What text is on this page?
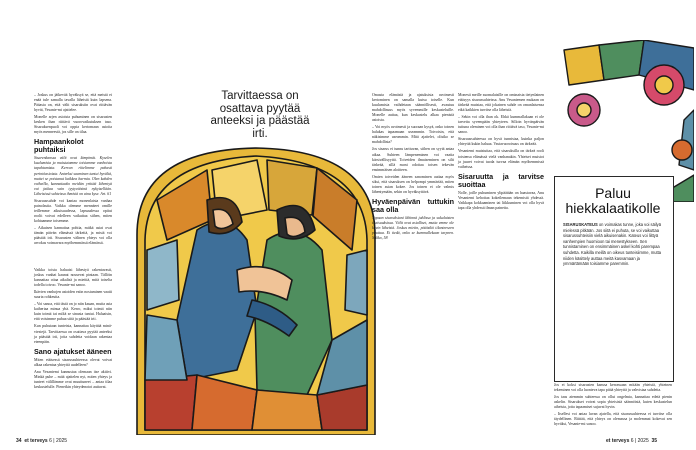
– Joskus on jätkevää hyväksyä se, että meistä ei enää tule samalla tavalla läheisiä kuin lapsena. Pääasia on, että välit sisaruksiin ovat riittävän hyvät, Vesanie-mi ajattelee.

Monelle arjen asioista puhuminen on sisarusten kesken ihan riittävä vuorovaikutuksen taso. Sisaruksenpuoli voi oppia kertomaan asioita myös menneestä, jos sille on tilaa.

Hampaankolot puhtaiksi

Sisarenkanssa välit ovat lämpimät. Kyselen kuulumisia ja muistutamme toisiamme vanhoista tapahtumista. Kerran riitelimme pahasti perintöasioista. Anteeksi saaminen tuntui hyvältä, muttei se poistanut kaikkea harmia. Olen kahden vaiheilla, kannattaako meidän yrittää lähentyä vai jatkaa vain tyytyväisinä nykyisellään. Läheisissä suhteissa ihmisiä on aina kyse. Art. 61

Sisaruussuhde voi kantaa monenlaista vanhaa painolastia. Vaikka olemme mennäeet omille teillemme aikuisuudessa, lapsuudessa opitut roolit voivat edelleen vaikuttaa siihen, miten kohtaamme toisemme.

– Aikuisen kannattaa pohtia, mitkä asiat ovat tämän päivän elämässä tärkeitä, ja mistä voi päästää irti. Sisarusten välinen yhteys voi olla arvokas voimavara myöhemmässä elämässä.

Vaikka toista haluaisi lähestyä rakentavasti, joskus vanhat kaunat nousevat pintaan. Tällöin kannattaa ottaa aikalisä ja miettiä, mitä toiselta todella toivoo. Vesanie-mi sanoo.

Ikävien vanhojen asioiden esiin nostaminen vaatii suurta rohkeutta.

– Voi sanoa, että tästä on jo niin kauan, mutta asia kaihertaa minua yhä. Kerro, miksi toimit niin kuin toimit tai miltä se sinusta tuntui. Haluaisin, että voisimme puhua siitä ja päästää irti.

Kun puhutaan tunteista, kannattaa käyttää minä-viestejä. Tarvittaessa on osattava pyytää anteeksi ja päästää irti, jotta suhdetta voidaan rakentaa eteenpäin.

Sano ajatukset ääneen

Miten etäisessä sisarussuhteessa olevat voivat alkaa rakentaa yhteyttä uudelleen?

Anu Vesaniemi kannustaa olemaan itse aktiivi. Minkä puhe – mitä ajattelen nyt, miten yhteys ja tunteet välillämme ovat muuttuneet – antaa tilaa keskustelulle. Pienetkin yhteydenotot auttavat.

Tarvittaessa on osattava pyytää anteeksi ja päästää irti.

Omasta elämästä ja ajatuksista avoimesti kertominen on samalla kutsu toiselle. Kun kuulumisia vaihdetaan säännöllisesti, avautuu mahdollisuus myös syvemmille keskusteluille. Monelle auttaa, kun keskustelu alkaa pienistä asioista.

– Voi myös avoimesti ja suoraan kysyä, onko toinen halukas tapaamaan useammin. Toivoisin, että näkisimme useammin. Mitä ajattelet, olisiko se mahdollista?

Jos sisarus ei tunnu tarttuvan, siihen on syytä antaa aikaa. Suhteen lämpeneminen voi vaatia kärsivällisyyttä. Toiveiden ilmaiseminen on silti tärkeää, sillä moni odottaa toisen tekevän ensimmäisen aloitteen.

Omien toiveiden ääneen sanominen auttaa myös siksi, että sisaruksen on helpompi ymmärtää, miten toinen asian kokee. Jos toinen ei ole valmis lähentymään, sekin on hyväksyttävä.

Hyväenpäivän tuttukin saa olla

Tapaan sisaruksiani lähinnä juhlissa ja sukulaisten tilaisuuksissa. Välit ovat asialliset, mutta emme ole kovin läheisiä. Joskus mietin, pitäisikö tilanteeseen puuttua. Ei tiedä, onko se kummallekaan tarpeen. Mikko, 58

Monesti meille suomalaisille on ominaista tietynlainen etäisyys sisarussuhteissa. Anu Vesaniemen mukaan on tärkeää muistaa, että jokainen suhde on omanlaisensa eikä kaikkien tarvitse olla läheisiä.

– Sekin voi olla ihan ok. Ehkä kummallakaan ei ole tarvetta syvempään yhteyteen. Silloin hyvänpäivän tuttuna oleminen voi olla ihan riittävä taso, Vesanie-mi sanoo.

Sisaruussuhteessa on hyvä tunnistaa, kuinka paljon yhteyttä kukin haluaa. Vastavuoroisuus on tärkeää.

Vesaniemi muistuttaa, että sisaruksilla on tärkeä rooli toistensa elämässä vielä vanhanakin. Yhteiset muistot ja juuret voivat tuoda turvaa elämän myöhemmissä vaiheissa.

Sisaruutta ja tarvitse suoittaa

Nolle, joille puhuminen ylipäätään on haastavaa, Anu Vesaniemi kehottaa kokeilemaan tekemistä yhdessä. Vaikkapa kokkaaminen tai liikkuminen voi olla hyvä tapa olla yhdessä ilman painetta.

Jos ei koksi sisarusten kanssa kerrassaan mitään yhteistä, yhteinen tekeminen voi olla luonteva tapa pitää yhteyttä ja vahvistaa suhdetta.

Jos taas aiemmin suhteessa on ollut ongelmia, kannattaa edetä pienin askelin. Sisarukset voivat sopia yhteisistä säännöistä, kuten keskustelun aiheista, jotta tapaamiset sujuvat hyvin.

– Itsellesi voi antaa luvan ajatella, että sisarussuhteessa ei tarvitse olla täydellinen. Riittää, että yhteys on olemassa ja molemmat kokevat sen hyväksi, Vesanie-mi sanoo.

Paluu hiekkalaatikolle

SISARUSKATEUS on voimakas tunne, joka voi säilyä mielessä pitkään. Jos siitä ei puhuta, se voi vaikuttaa sisarussuhteisiin vielä aikuisenakin. Kateus voi liittyä vanhempien huomioon tai menestykseen. Sen tunnistaminen on ensimmäinen askel kohti parempaa suhdetta. Kaikilla meillä on oikeus tunteisiimme, mutta niiden käsittely auttaa meitä kasvamaan ja ymmärtämään toisiamme paremmin.

34 et terveys 6 | 2025	et terveys 6 | 2025 35
